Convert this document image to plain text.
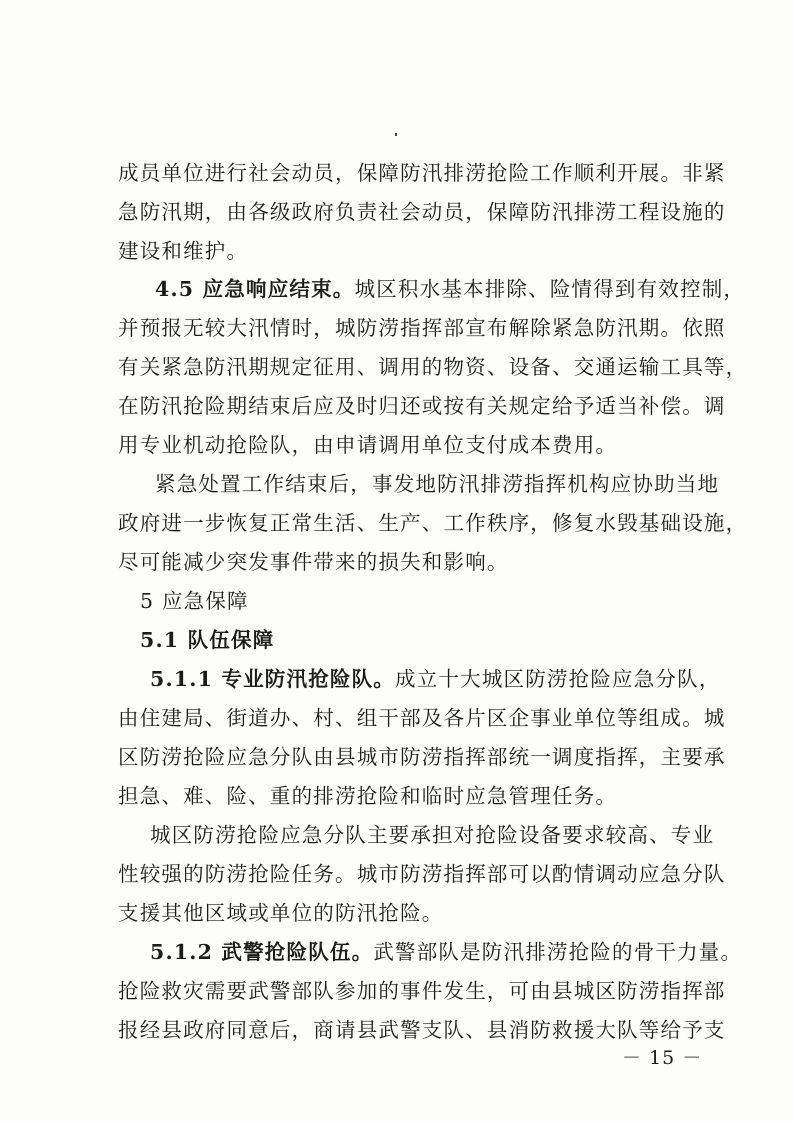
成员单位进行社会动员，保障防汛排涝抢险工作顺利开展。非紧
急防汛期，由各级政府负责社会动员，保障防汛排涝工程设施的
建设和维护。
4.5 应急响应结束。城区积水基本排除、险情得到有效控制，
并预报无较大汛情时，城防涝指挥部宣布解除紧急防汛期。依照
有关紧急防汛期规定征用、调用的物资、设备、交通运输工具等，
在防汛抢险期结束后应及时归还或按有关规定给予适当补偿。调
用专业机动抢险队，由申请调用单位支付成本费用。
紧急处置工作结束后，事发地防汛排涝指挥机构应协助当地
政府进一步恢复正常生活、生产、工作秩序，修复水毁基础设施，
尽可能减少突发事件带来的损失和影响。
5 应急保障
5.1 队伍保障
5.1.1 专业防汛抢险队。成立十大城区防涝抢险应急分队，
由住建局、街道办、村、组干部及各片区企事业单位等组成。城
区防涝抢险应急分队由县城市防涝指挥部统一调度指挥，主要承
担急、难、险、重的排涝抢险和临时应急管理任务。
城区防涝抢险应急分队主要承担对抢险设备要求较高、专业
性较强的防涝抢险任务。城市防涝指挥部可以酌情调动应急分队
支援其他区域或单位的防汛抢险。
5.1.2 武警抢险队伍。武警部队是防汛排涝抢险的骨干力量。
抢险救灾需要武警部队参加的事件发生，可由县城区防涝指挥部
报经县政府同意后，商请县武警支队、县消防救援大队等给予支
－ 15 －
